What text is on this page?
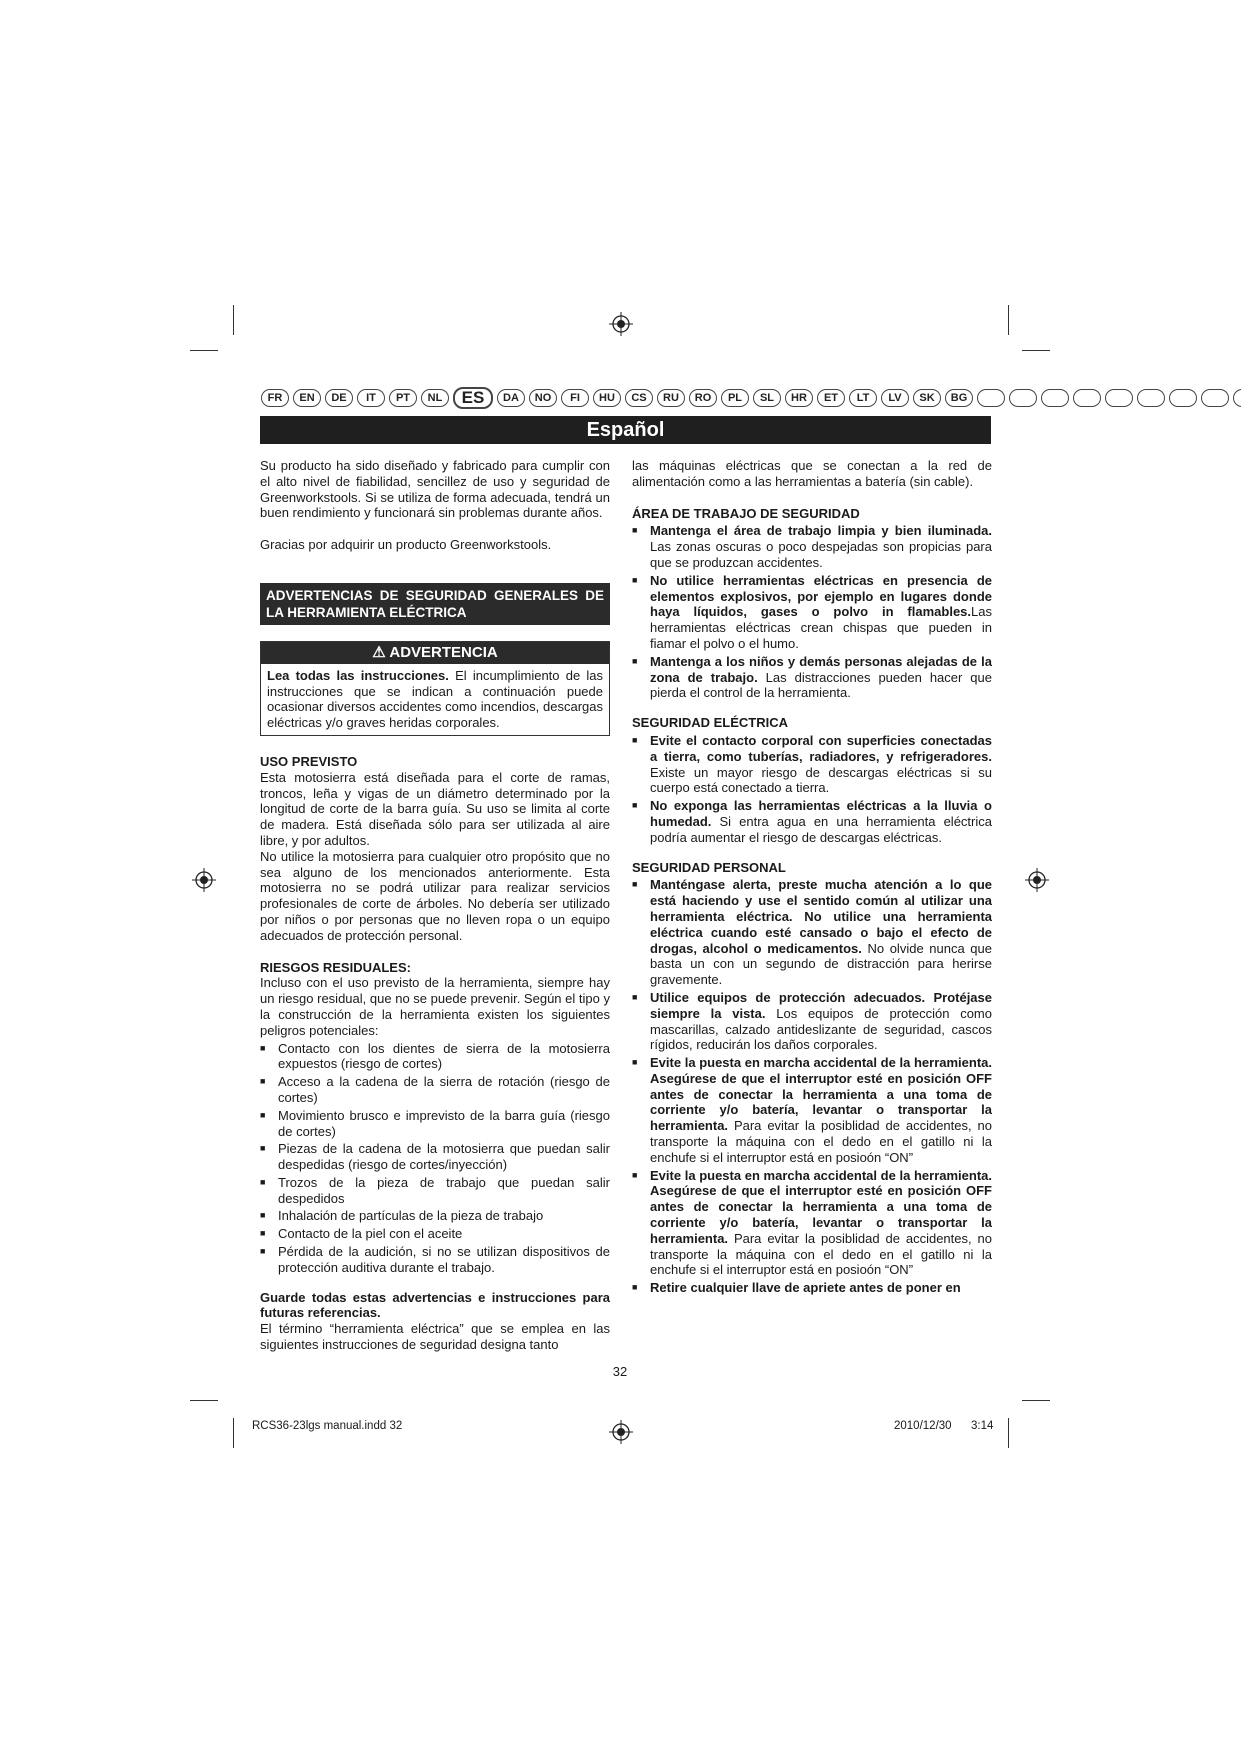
FR	EN	DE	IT	PT	NL	ES	DA	NO	FI	HU	CS	RU	RO	PL	SL	HR	ET	LT	LV	SK	BG
Español

Su producto ha sido diseñado y fabricado para cumplir con el alto nivel de fiabilidad, sencillez de uso y seguridad de Greenworkstools. Si se utiliza de forma adecuada, tendrá un buen rendimiento y funcionará sin problemas durante años.

Gracias por adquirir un producto Greenworkstools.

ADVERTENCIAS DE SEGURIDAD GENERALES DE LA HERRAMIENTA ELÉCTRICA
⚠ ADVERTENCIA
Lea todas las instrucciones. El incumplimiento de las instrucciones que se indican a continuación puede ocasionar diversos accidentes como incendios, descargas eléctricas y/o graves heridas corporales.

USO PREVISTO

Esta motosierra está diseñada para el corte de ramas, troncos, leña y vigas de un diámetro determinado por la longitud de corte de la barra guía. Su uso se limita al corte de madera. Está diseñada sólo para ser utilizada al aire libre, y por adultos.

No utilice la motosierra para cualquier otro propósito que no sea alguno de los mencionados anteriormente. Esta motosierra no se podrá utilizar para realizar servicios profesionales de corte de árboles. No debería ser utilizado por niños o por personas que no lleven ropa o un equipo adecuados de protección personal.

RIESGOS RESIDUALES:

Incluso con el uso previsto de la herramienta, siempre hay un riesgo residual, que no se puede prevenir. Según el tipo y la construcción de la herramienta existen los siguientes peligros potenciales:

■ Contacto con los dientes de sierra de la motosierra expuestos (riesgo de cortes)
■ Acceso a la cadena de la sierra de rotación (riesgo de cortes)
■ Movimiento brusco e imprevisto de la barra guía (riesgo de cortes)
■ Piezas de la cadena de la motosierra que puedan salir despedidas (riesgo de cortes/inyección)
■ Trozos de la pieza de trabajo que puedan salir despedidos
■ Inhalación de partículas de la pieza de trabajo
■ Contacto de la piel con el aceite
■ Pérdida de la audición, si no se utilizan dispositivos de protección auditiva durante el trabajo.

Guarde todas estas advertencias e instrucciones para futuras referencias.

El término “herramienta eléctrica” que se emplea en las siguientes instrucciones de seguridad designa tanto

las máquinas eléctricas que se conectan a la red de alimentación como a las herramientas a batería (sin cable).

ÁREA DE TRABAJO DE SEGURIDAD

■ Mantenga el área de trabajo limpia y bien iluminada. Las zonas oscuras o poco despejadas son propicias para que se produzcan accidentes.
■ No utilice herramientas eléctricas en presencia de elementos explosivos, por ejemplo en lugares donde haya líquidos, gases o polvo in flamables.Las herramientas eléctricas crean chispas que pueden in fiamar el polvo o el humo.
■ Mantenga a los niños y demás personas alejadas de la zona de trabajo. Las distracciones pueden hacer que pierda el control de la herramienta.

SEGURIDAD ELÉCTRICA

■ Evite el contacto corporal con superficies conectadas a tierra, como tuberías, radiadores, y refrigeradores. Existe un mayor riesgo de descargas eléctricas si su cuerpo está conectado a tierra.
■ No exponga las herramientas eléctricas a la lluvia o humedad. Si entra agua en una herramienta eléctrica podría aumentar el riesgo de descargas eléctricas.

SEGURIDAD PERSONAL

■ Manténgase alerta, preste mucha atención a lo que está haciendo y use el sentido común al utilizar una herramienta eléctrica. No utilice una herramienta eléctrica cuando esté cansado o bajo el efecto de drogas, alcohol o medicamentos. No olvide nunca que basta un con un segundo de distracción para herirse gravemente.
■ Utilice equipos de protección adecuados. Protéjase siempre la vista. Los equipos de protección como mascarillas, calzado antideslizante de seguridad, cascos rígidos, reducirán los daños corporales.
■ Evite la puesta en marcha accidental de la herramienta. Asegúrese de que el interruptor esté en posición OFF antes de conectar la herramienta a una toma de corriente y/o batería, levantar o transportar la herramienta. Para evitar la posiblidad de accidentes, no transporte la máquina con el dedo en el gatillo ni la enchufe si el interruptor está en posioón “ON”
■ Evite la puesta en marcha accidental de la herramienta. Asegúrese de que el interruptor esté en posición OFF antes de conectar la herramienta a una toma de corriente y/o batería, levantar o transportar la herramienta. Para evitar la posiblidad de accidentes, no transporte la máquina con el dedo en el gatillo ni la enchufe si el interruptor está en posioón “ON”
■ Retire cualquier llave de apriete antes de poner en
32
RCS36-23lgs manual.indd 32	2010/12/30 3:14
